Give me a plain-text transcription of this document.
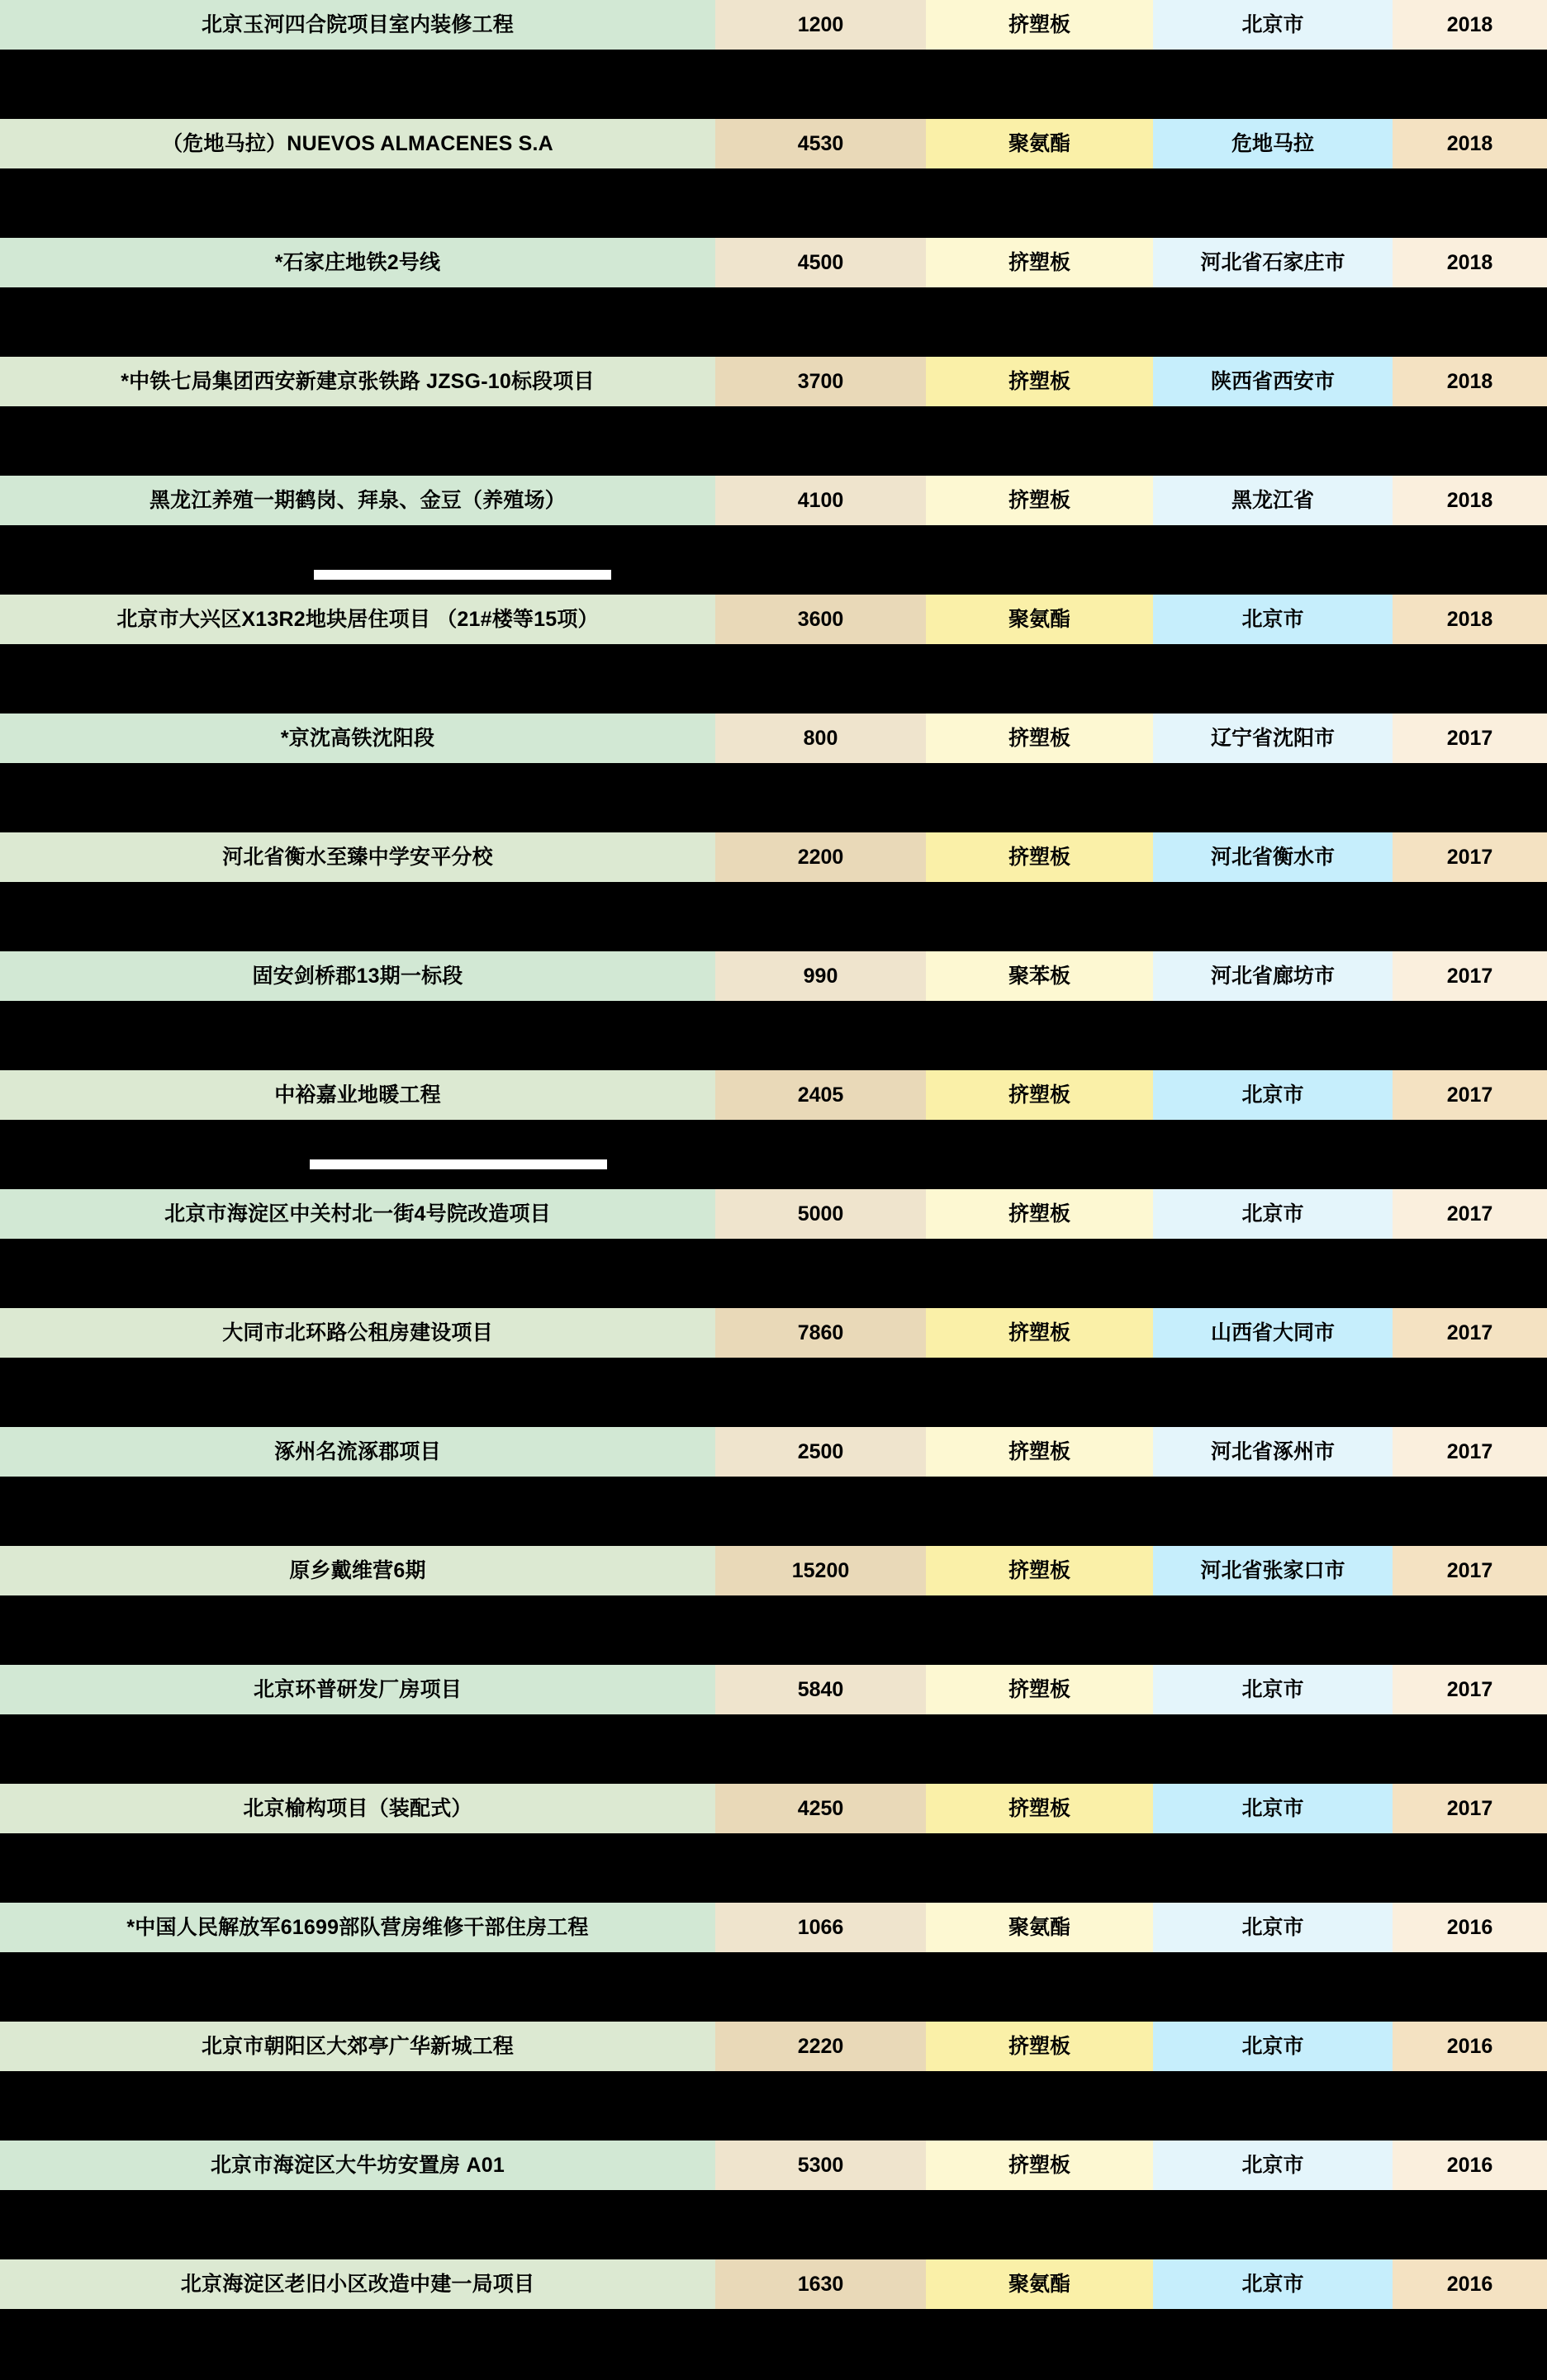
北京玉河四合院项目室内装修工程	1200	挤塑板	北京市	2018
（危地马拉）NUEVOS ALMACENES S.A	4530	聚氨酯	危地马拉	2018
*石家庄地铁2号线	4500	挤塑板	河北省石家庄市	2018
*中铁七局集团西安新建京张铁路 JZSG-10标段项目	3700	挤塑板	陕西省西安市	2018
黑龙江养殖一期鹤岗、拜泉、金豆（养殖场）	4100	挤塑板	黑龙江省	2018
北京市大兴区X13R2地块居住项目 （21#楼等15项）	3600	聚氨酯	北京市	2018
*京沈高铁沈阳段	800	挤塑板	辽宁省沈阳市	2017
河北省衡水至臻中学安平分校	2200	挤塑板	河北省衡水市	2017
固安剑桥郡13期一标段	990	聚苯板	河北省廊坊市	2017
中裕嘉业地暖工程	2405	挤塑板	北京市	2017
北京市海淀区中关村北一街4号院改造项目	5000	挤塑板	北京市	2017
大同市北环路公租房建设项目	7860	挤塑板	山西省大同市	2017
涿州名流涿郡项目	2500	挤塑板	河北省涿州市	2017
原乡戴维营6期	15200	挤塑板	河北省张家口市	2017
北京环普研发厂房项目	5840	挤塑板	北京市	2017
北京榆构项目（装配式）	4250	挤塑板	北京市	2017
*中国人民解放军61699部队营房维修干部住房工程	1066	聚氨酯	北京市	2016
北京市朝阳区大郊亭广华新城工程	2220	挤塑板	北京市	2016
北京市海淀区大牛坊安置房 A01	5300	挤塑板	北京市	2016
北京海淀区老旧小区改造中建一局项目	1630	聚氨酯	北京市	2016
